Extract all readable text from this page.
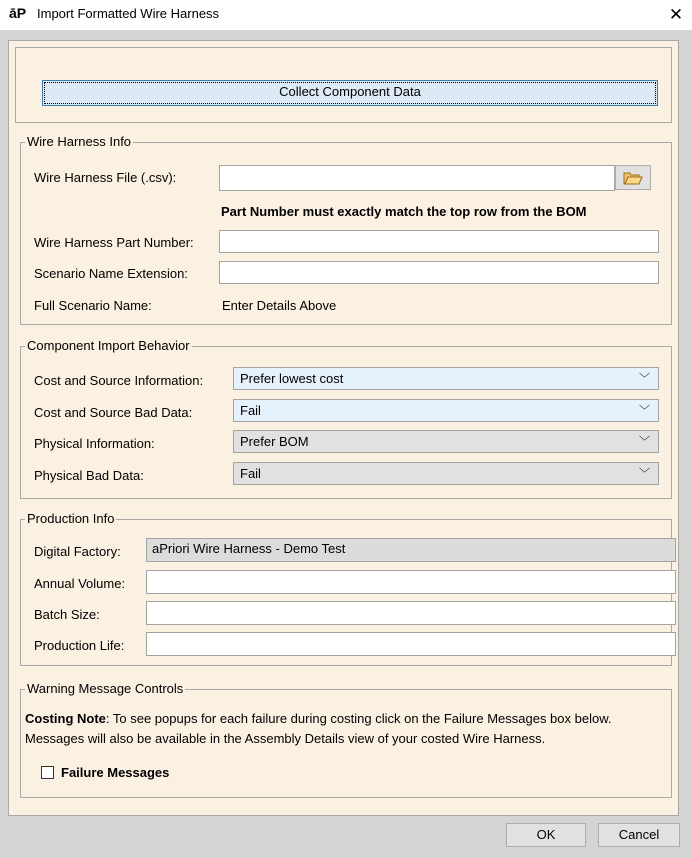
āP Import Formatted Wire Harness	✕
Collect Component Data
Wire Harness Info
Wire Harness File (.csv):
Part Number must exactly match the top row from the BOM
Wire Harness Part Number:
Scenario Name Extension:
Full Scenario Name:	Enter Details Above
Component Import Behavior
Cost and Source Information:	Prefer lowest cost	﹀
Cost and Source Bad Data:	Fail	﹀
Physical Information:	Prefer BOM	﹀
Physical Bad Data:	Fail	﹀
Production Info
Digital Factory:	aPriori Wire Harness - Demo Test
Annual Volume:
Batch Size:
Production Life:
Warning Message Controls
Costing Note: To see popups for each failure during costing click on the Failure Messages box below. Messages will also be available in the Assembly Details view of your costed Wire Harness.
Failure Messages
OK	Cancel
